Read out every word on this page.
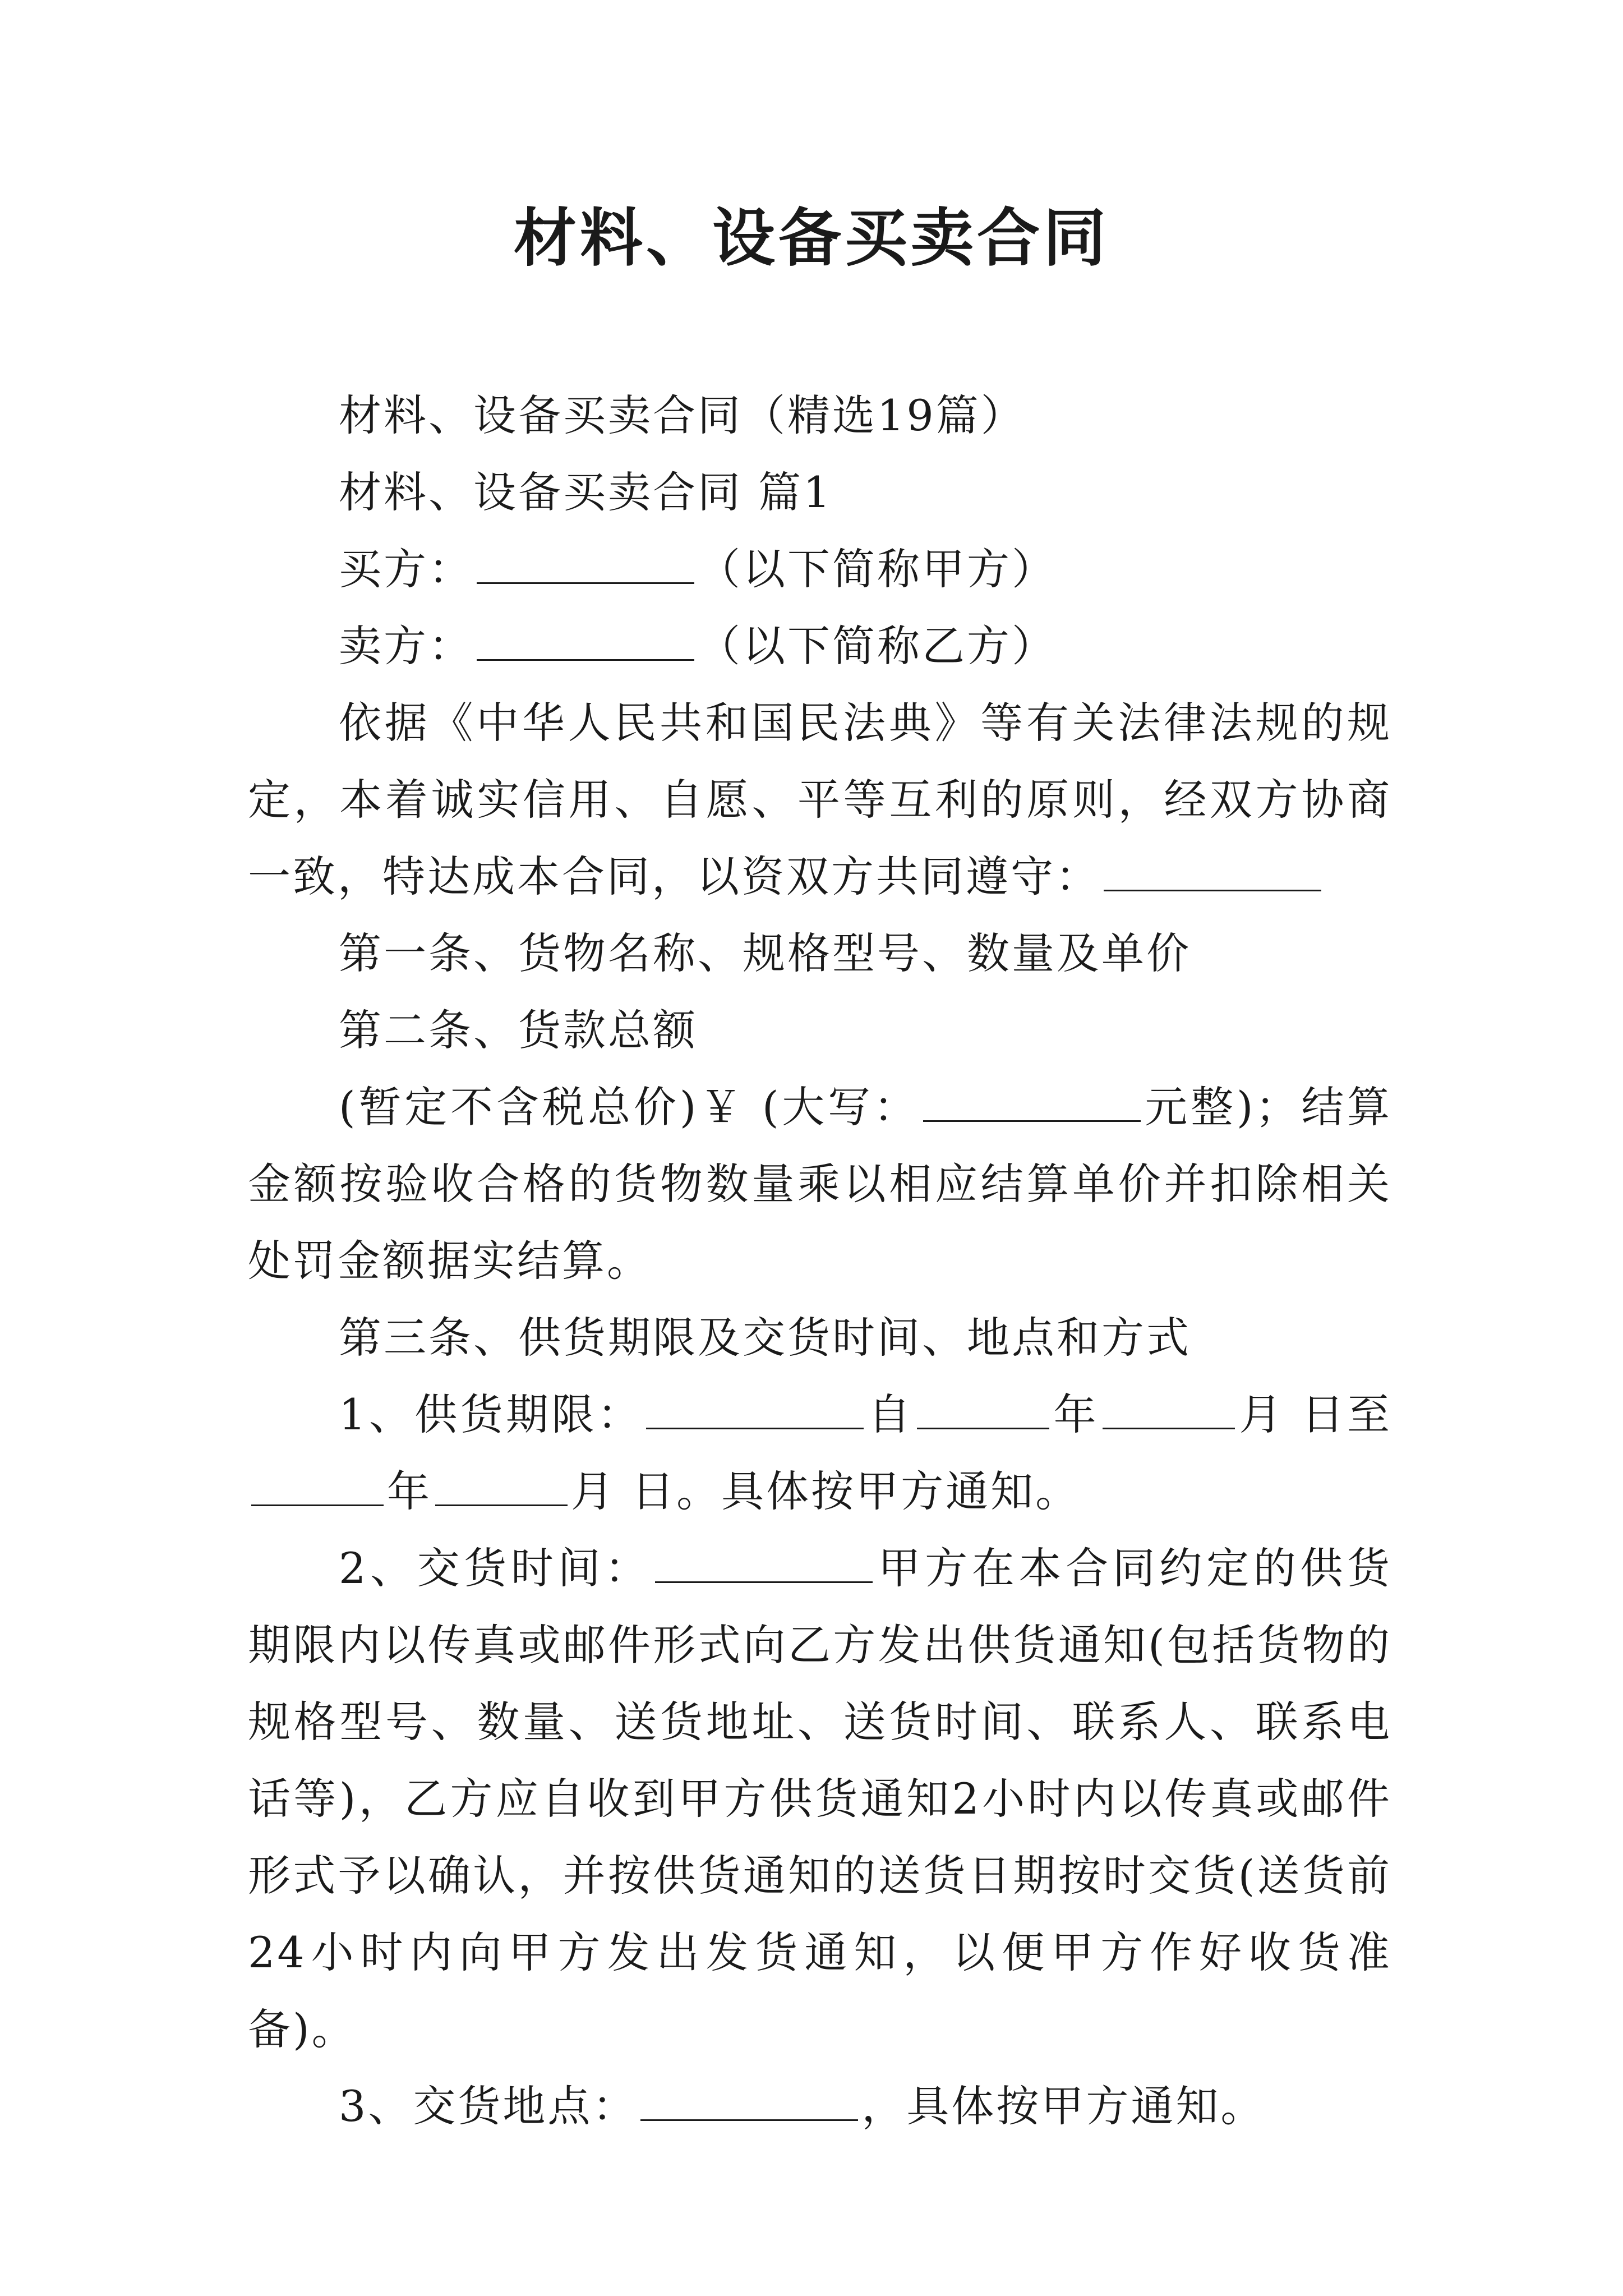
材料、设备买卖合同

材料、设备买卖合同（精选19篇）

材料、设备买卖合同 篇1

买方：	（以下简称甲方）

卖方：	（以下简称乙方）

依据《中华人民共和国民法典》等有关法律法规的规定，本着诚实信用、自愿、平等互利的原则，经双方协商一致，特达成本合同，以资双方共同遵守：

第一条、货物名称、规格型号、数量及单价

第二条、货款总额

(暂定不含税总价)￥ (大写：	元整)；结算金额按验收合格的货物数量乘以相应结算单价并扣除相关处罚金额据实结算。

第三条、供货期限及交货时间、地点和方式

1、供货期限：	自	年	月 日至年	月 日。具体按甲方通知。

2、交货时间：	甲方在本合同约定的供货期限内以传真或邮件形式向乙方发出供货通知(包括货物的规格型号、数量、送货地址、送货时间、联系人、联系电话等)，乙方应自收到甲方供货通知2小时内以传真或邮件形式予以确认，并按供货通知的送货日期按时交货(送货前24小时内向甲方发出发货通知，以便甲方作好收货准备)。

3、交货地点：	，具体按甲方通知。
